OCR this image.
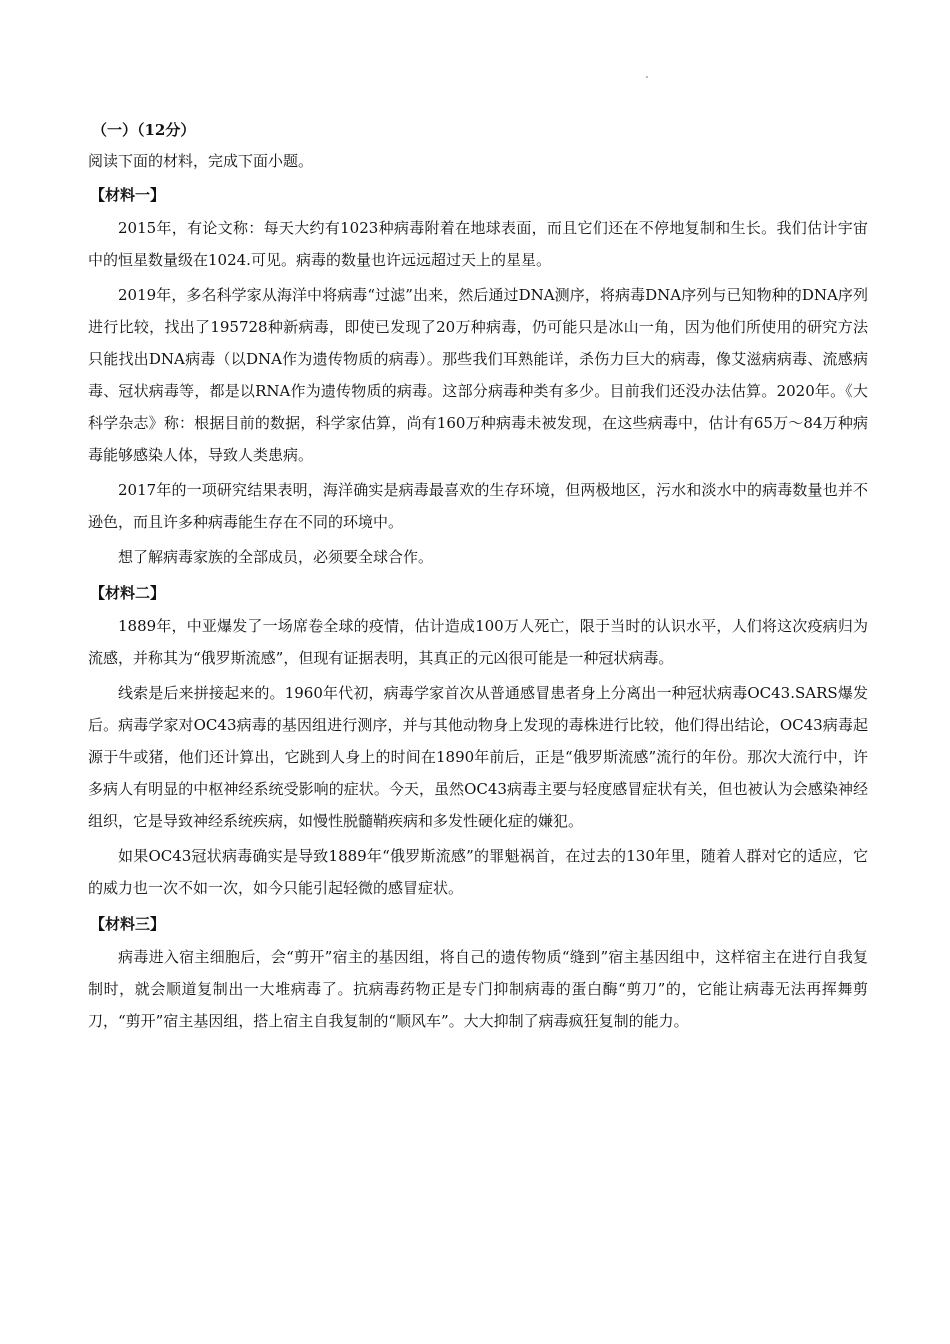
（一）（12分）
阅读下面的材料，完成下面小题。
【材料一】

2015年，有论文称：每天大约有1023种病毒附着在地球表面，而且它们还在不停地复制和生长。我们估计宇宙中的恒星数量级在1024.可见。病毒的数量也许远远超过天上的星星。

2019年，多名科学家从海洋中将病毒“过滤”出来，然后通过DNA测序，将病毒DNA序列与已知物种的DNA序列进行比较，找出了195728种新病毒，即使已发现了20万种病毒，仍可能只是冰山一角，因为他们所使用的研究方法只能找出DNA病毒（以DNA作为遗传物质的病毒）。那些我们耳熟能详，杀伤力巨大的病毒，像艾滋病病毒、流感病毒、冠状病毒等，都是以RNA作为遗传物质的病毒。这部分病毒种类有多少。目前我们还没办法估算。2020年。《大科学杂志》称：根据目前的数据，科学家估算，尚有160万种病毒未被发现，在这些病毒中，估计有65万～84万种病毒能够感染人体，导致人类患病。

2017年的一项研究结果表明，海洋确实是病毒最喜欢的生存环境，但两极地区，污水和淡水中的病毒数量也并不逊色，而且许多种病毒能生存在不同的环境中。

想了解病毒家族的全部成员，必须要全球合作。

【材料二】

1889年，中亚爆发了一场席卷全球的疫情，估计造成100万人死亡，限于当时的认识水平，人们将这次疫病归为流感，并称其为“俄罗斯流感”，但现有证据表明，其真正的元凶很可能是一种冠状病毒。

线索是后来拼接起来的。1960年代初，病毒学家首次从普通感冒患者身上分离出一种冠状病毒OC43.SARS爆发后。病毒学家对OC43病毒的基因组进行测序，并与其他动物身上发现的毒株进行比较，他们得出结论，OC43病毒起源于牛或猪，他们还计算出，它跳到人身上的时间在1890年前后，正是“俄罗斯流感”流行的年份。那次大流行中，许多病人有明显的中枢神经系统受影响的症状。今天，虽然OC43病毒主要与轻度感冒症状有关，但也被认为会感染神经组织，它是导致神经系统疾病，如慢性脱髓鞘疾病和多发性硬化症的嫌犯。

如果OC43冠状病毒确实是导致1889年“俄罗斯流感”的罪魁祸首，在过去的130年里，随着人群对它的适应，它的威力也一次不如一次，如今只能引起轻微的感冒症状。

【材料三】

病毒进入宿主细胞后，会“剪开”宿主的基因组，将自己的遗传物质“缝到”宿主基因组中，这样宿主在进行自我复制时，就会顺道复制出一大堆病毒了。抗病毒药物正是专门抑制病毒的蛋白酶“剪刀”的，它能让病毒无法再挥舞剪刀，“剪开”宿主基因组，搭上宿主自我复制的“顺风车”。大大抑制了病毒疯狂复制的能力。
